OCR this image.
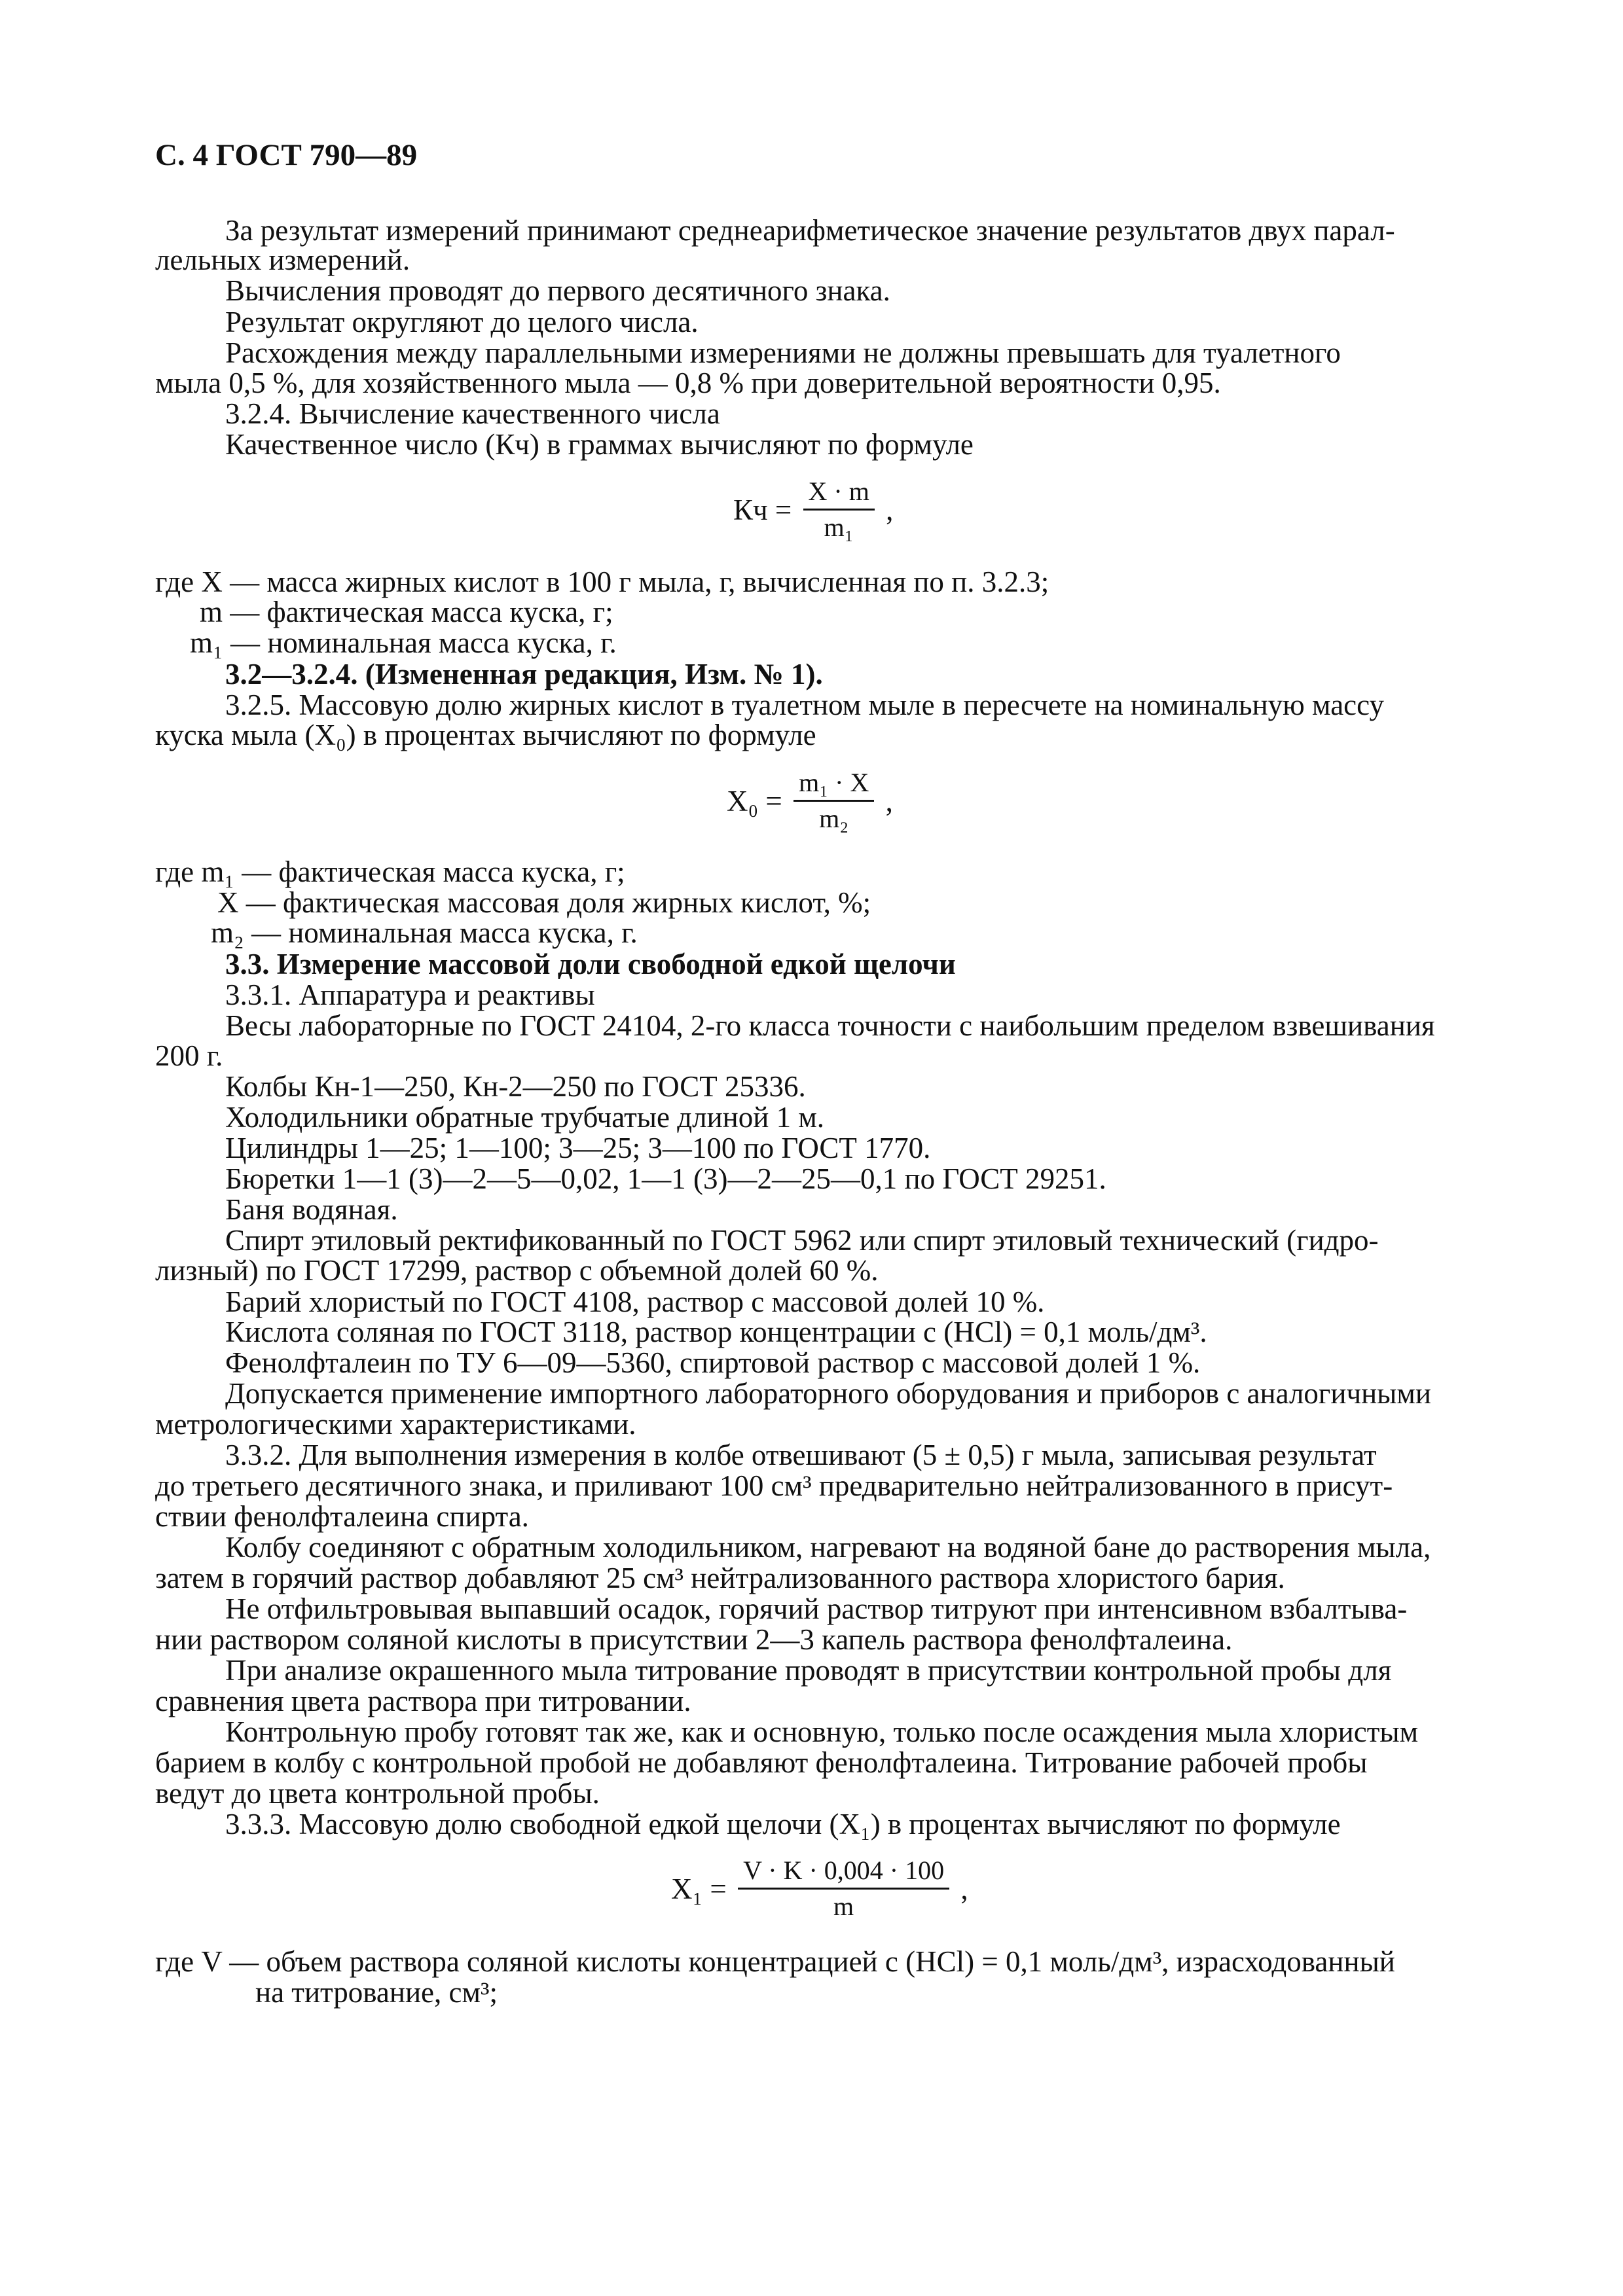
С. 4 ГОСТ 790—89
За результат измерений принимают среднеарифметическое значение результатов двух парал-
лельных измерений.
Вычисления проводят до первого десятичного знака.
Результат округляют до целого числа.
Расхождения между параллельными измерениями не должны превышать для туалетного
мыла 0,5 %, для хозяйственного мыла — 0,8 % при доверительной вероятности 0,95.
3.2.4. Вычисление качественного числа
Качественное число (Кч) в граммах вычисляют по формуле
Кч = $\frac{X \cdot m}{\text{m₁}}$ ,
где X — масса жирных кислот в 100 г мыла, г, вычисленная по п. 3.2.3;
m — фактическая масса куска, г;
m₁ — номинальная масса куска, г.
3.2—3.2.4. (Измененная редакция, Изм. № 1).
3.2.5. Массовую долю жирных кислот в туалетном мыле в пересчете на номинальную массу
куска мыла (X₀) в процентах вычисляют по формуле
$X_0 = \frac{\text{m₁ · X}}{\text{m₂}}$ ,
где m₁ — фактическая масса куска, г;
X — фактическая массовая доля жирных кислот, %;
m₂ — номинальная масса куска, г.
3.3. Измерение массовой доли свободной едкой щелочи
3.3.1. Аппаратура и реактивы
Весы лабораторные по ГОСТ 24104, 2-го класса точности с наибольшим пределом взвешивания
200 г.
Колбы Кн-1—250, Кн-2—250 по ГОСТ 25336.
Холодильники обратные трубчатые длиной 1 м.
Цилиндры 1—25; 1—100; 3—25; 3—100 по ГОСТ 1770.
Бюретки 1—1 (3)—2—5—0,02, 1—1 (3)—2—25—0,1 по ГОСТ 29251.
Баня водяная.
Спирт этиловый ректификованный по ГОСТ 5962 или спирт этиловый технический (гидро-
лизный) по ГОСТ 17299, раствор с объемной долей 60 %.
Барий хлористый по ГОСТ 4108, раствор с массовой долей 10 %.
Кислота соляная по ГОСТ 3118, раствор концентрации с (HCl) = 0,1 моль/дм³.
Фенолфталеин по ТУ 6—09—5360, спиртовой раствор с массовой долей 1 %.
Допускается применение импортного лабораторного оборудования и приборов с аналогичными
метрологическими характеристиками.
3.3.2. Для выполнения измерения в колбе отвешивают (5 ± 0,5) г мыла, записывая результат
до третьего десятичного знака, и приливают 100 см³ предварительно нейтрализованного в присут-
ствии фенолфталеина спирта.
Колбу соединяют с обратным холодильником, нагревают на водяной бане до растворения мыла,
затем в горячий раствор добавляют 25 см³ нейтрализованного раствора хлористого бария.
Не отфильтровывая выпавший осадок, горячий раствор титруют при интенсивном взбалтыва-
нии раствором соляной кислоты в присутствии 2—3 капель раствора фенолфталеина.
При анализе окрашенного мыла титрование проводят в присутствии контрольной пробы для
сравнения цвета раствора при титровании.
Контрольную пробу готовят так же, как и основную, только после осаждения мыла хлористым
барием в колбу с контрольной пробой не добавляют фенолфталеина. Титрование рабочей пробы
ведут до цвета контрольной пробы.
3.3.3. Массовую долю свободной едкой щелочи (X₁) в процентах вычисляют по формуле
$X_1 = \frac{V \cdot K \cdot 0,004 \cdot 100}{m}$ ,
где V — объем раствора соляной кислоты концентрацией с (HCl) = 0,1 моль/дм³, израсходованный
на титрование, см³;
